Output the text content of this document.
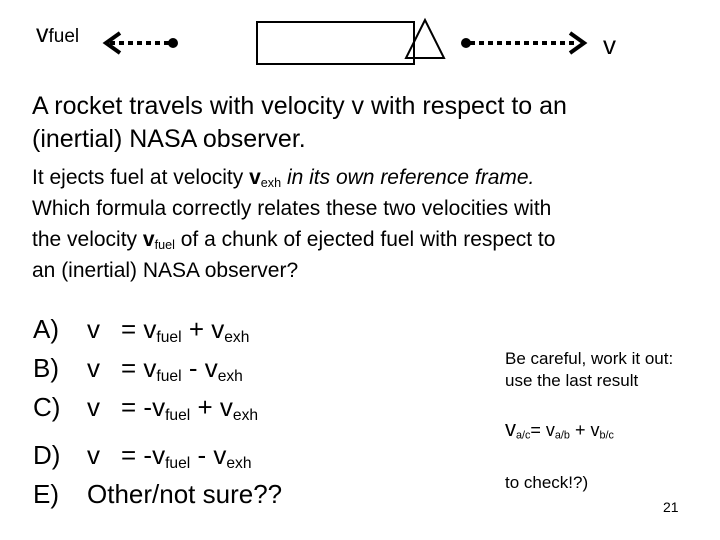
vfuel	v
A rocket travels with velocity v with respect to an
(inertial) NASA observer.
It ejects fuel at velocity $v_{exh}$ in its own reference frame.
Which formula correctly relates these two velocities with
the velocity $v_{fuel}$ of a chunk of ejected fuel with respect to
an (inertial) NASA observer?
A) $v = v_{fuel} + v_{exh}$
B) $v = v_{fuel} - v_{exh}$
C) $v = -v_{fuel} + v_{exh}$
D) $v = -v_{fuel} - v_{exh}$
E) Other/not sure??
Be careful, work it out:
use the last result
$v_{a/c}= v_{a/b} + v_{b/c}$
to check!?)
21
